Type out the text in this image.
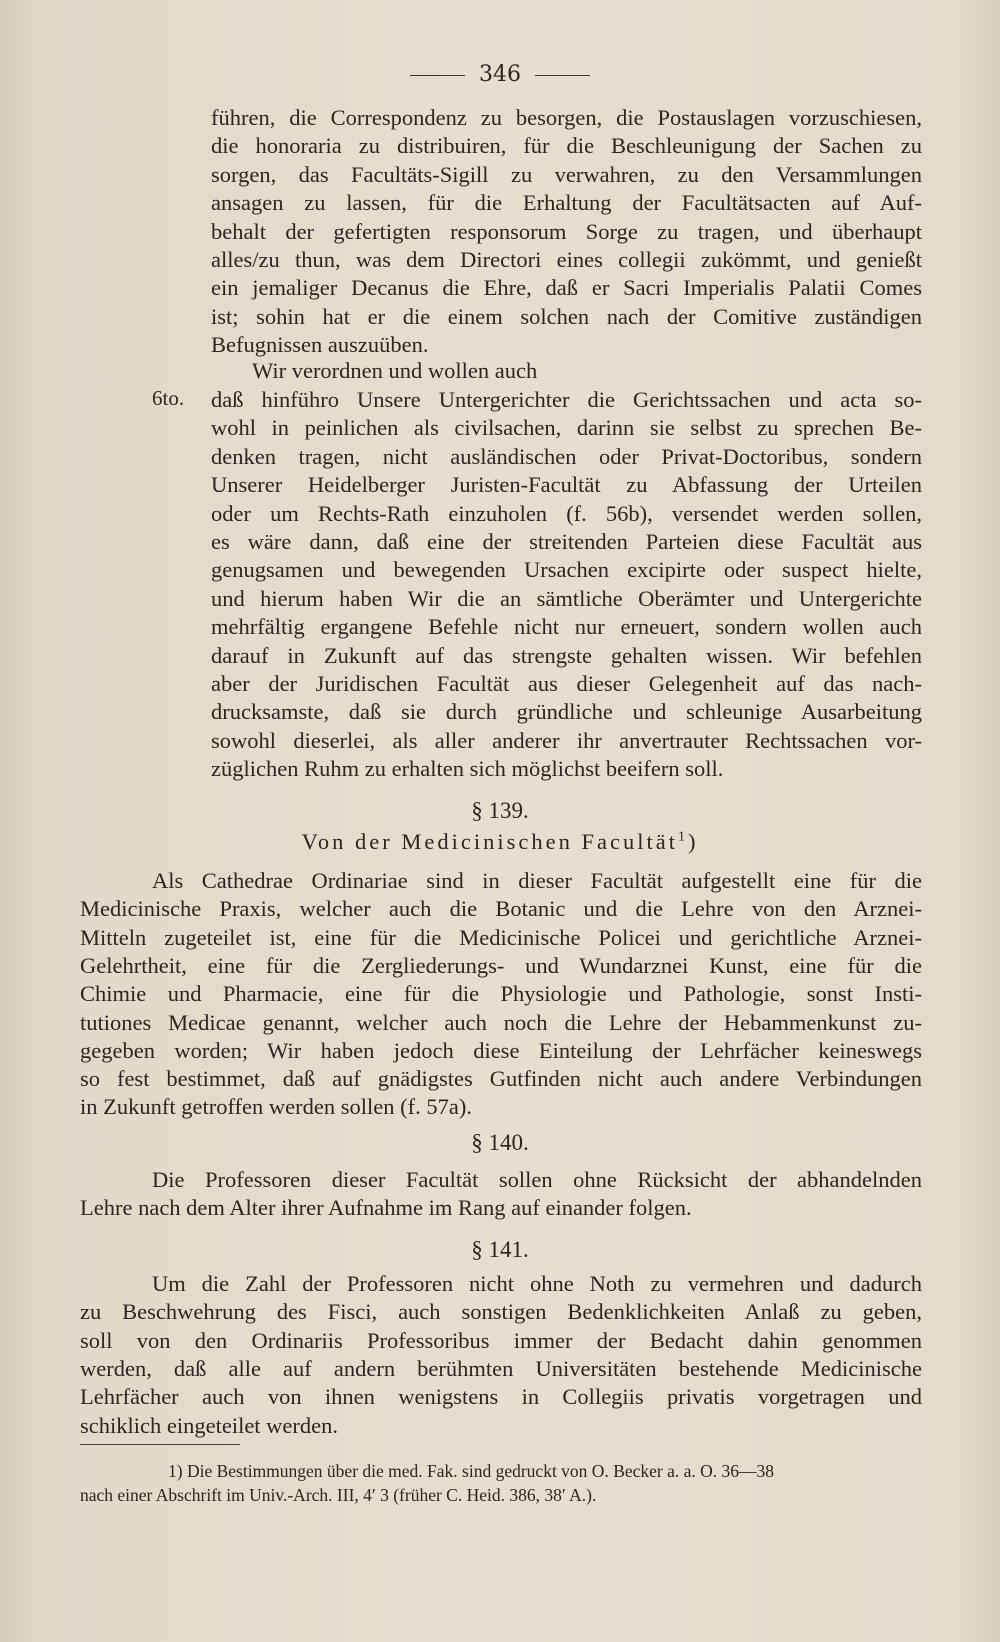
346
führen, die Correspondenz zu besorgen, die Postauslagen vorzuschiesen,
die honoraria zu distribuiren, für die Beschleunigung der Sachen zu
sorgen, das Facultäts-Sigill zu verwahren, zu den Versammlungen
ansagen zu lassen, für die Erhaltung der Facultätsacten auf Auf-
behalt der gefertigten responsorum Sorge zu tragen, und überhaupt
alles/zu thun, was dem Directori eines collegii zukömmt, und genießt
ein jemaliger Decanus die Ehre, daß er Sacri Imperialis Palatii Comes
ist; sohin hat er die einem solchen nach der Comitive zuständigen
Befugnissen auszuüben.
Wir verordnen und wollen auch
6to. daß hinführo Unsere Untergerichter die Gerichtssachen und acta so-
wohl in peinlichen als civilsachen, darinn sie selbst zu sprechen Be-
denken tragen, nicht ausländischen oder Privat-Doctoribus, sondern
Unserer Heidelberger Juristen-Facultät zu Abfassung der Urteilen
oder um Rechts-Rath einzuholen (f. 56b), versendet werden sollen,
es wäre dann, daß eine der streitenden Parteien diese Facultät aus
genugsamen und bewegenden Ursachen excipirte oder suspect hielte,
und hierum haben Wir die an sämtliche Oberämter und Untergerichte
mehrfältig ergangene Befehle nicht nur erneuert, sondern wollen auch
darauf in Zukunft auf das strengste gehalten wissen. Wir befehlen
aber der Juridischen Facultät aus dieser Gelegenheit auf das nach-
drucksamste, daß sie durch gründliche und schleunige Ausarbeitung
sowohl dieserlei, als aller anderer ihr anvertrauter Rechtssachen vor-
züglichen Ruhm zu erhalten sich möglichst beeifern soll.
§ 139.
Von der Medicinischen Facultät$^1$)
Als Cathedrae Ordinariae sind in dieser Facultät aufgestellt eine für die
Medicinische Praxis, welcher auch die Botanic und die Lehre von den Arznei-
Mitteln zugeteilet ist, eine für die Medicinische Policei und gerichtliche Arznei-
Gelehrtheit, eine für die Zergliederungs- und Wundarznei Kunst, eine für die
Chimie und Pharmacie, eine für die Physiologie und Pathologie, sonst Insti-
tutiones Medicae genannt, welcher auch noch die Lehre der Hebammenkunst zu-
gegeben worden; Wir haben jedoch diese Einteilung der Lehrfächer keineswegs
so fest bestimmet, daß auf gnädigstes Gutfinden nicht auch andere Verbindungen
in Zukunft getroffen werden sollen (f. 57a).
§ 140.
Die Professoren dieser Facultät sollen ohne Rücksicht der abhandelnden
Lehre nach dem Alter ihrer Aufnahme im Rang auf einander folgen.
§ 141.
Um die Zahl der Professoren nicht ohne Noth zu vermehren und dadurch
zu Beschwehrung des Fisci, auch sonstigen Bedenklichkeiten Anlaß zu geben,
soll von den Ordinariis Professoribus immer der Bedacht dahin genommen
werden, daß alle auf andern berühmten Universitäten bestehende Medicinische
Lehrfächer auch von ihnen wenigstens in Collegiis privatis vorgetragen und
schiklich eingeteilet werden.
1) Die Bestimmungen über die med. Fak. sind gedruckt von O. Becker a. a. O. 36—38
nach einer Abschrift im Univ.-Arch. III, 4′ 3 (früher C. Heid. 386, 38′ A.).
